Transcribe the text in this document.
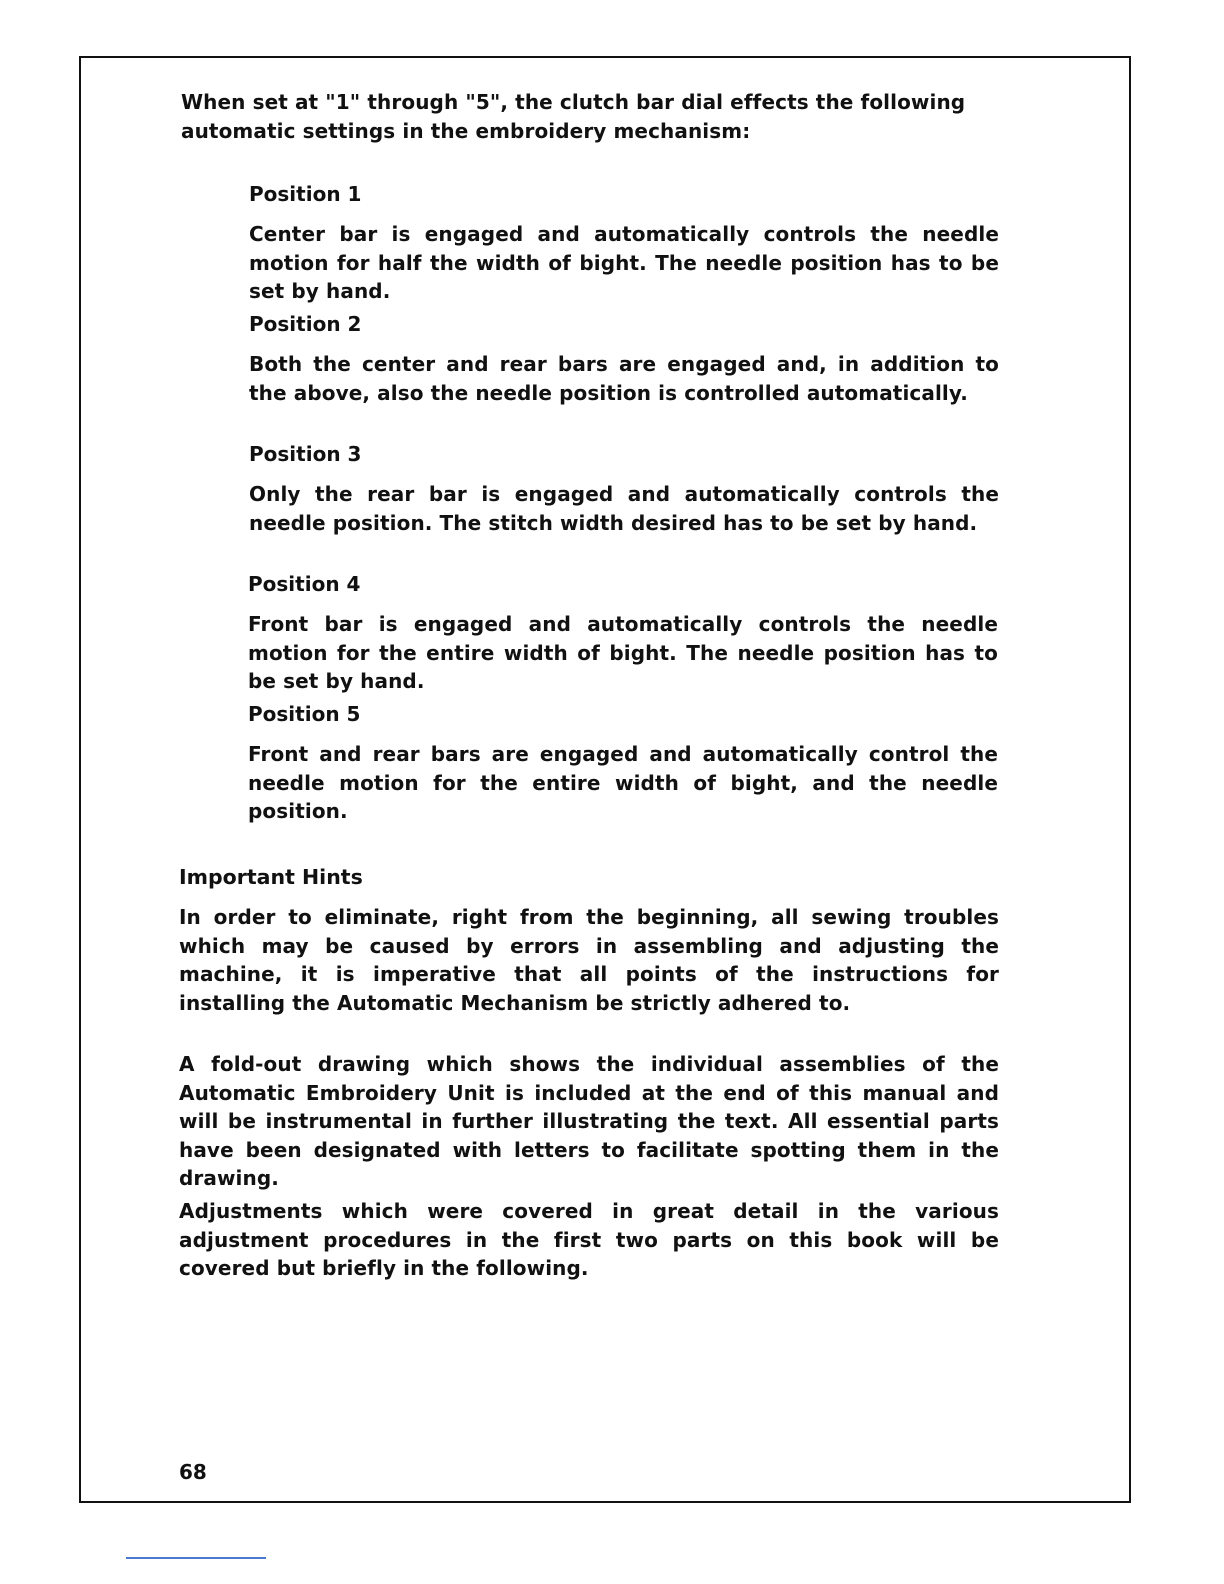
When set at "1" through "5", the clutch bar dial effects the following automatic settings in the embroidery mechanism:
Position 1
Center bar is engaged and automatically controls the needle motion for half the width of bight. The needle position has to be set by hand.
Position 2
Both the center and rear bars are engaged and, in addition to the above, also the needle position is controlled automatically.
Position 3
Only the rear bar is engaged and automatically controls the needle position. The stitch width desired has to be set by hand.
Position 4
Front bar is engaged and automatically controls the needle motion for the entire width of bight. The needle position has to be set by hand.
Position 5
Front and rear bars are engaged and automatically control the needle motion for the entire width of bight, and the needle position.
Important Hints
In order to eliminate, right from the beginning, all sewing troubles which may be caused by errors in assembling and adjusting the machine, it is imperative that all points of the instructions for installing the Automatic Mechanism be strictly adhered to.
A fold-out drawing which shows the individual assemblies of the Automatic Embroidery Unit is included at the end of this manual and will be instrumental in further illustrating the text. All essential parts have been designated with letters to facilitate spotting them in the drawing.
Adjustments which were covered in great detail in the various adjustment procedures in the first two parts on this book will be covered but briefly in the following.
68
